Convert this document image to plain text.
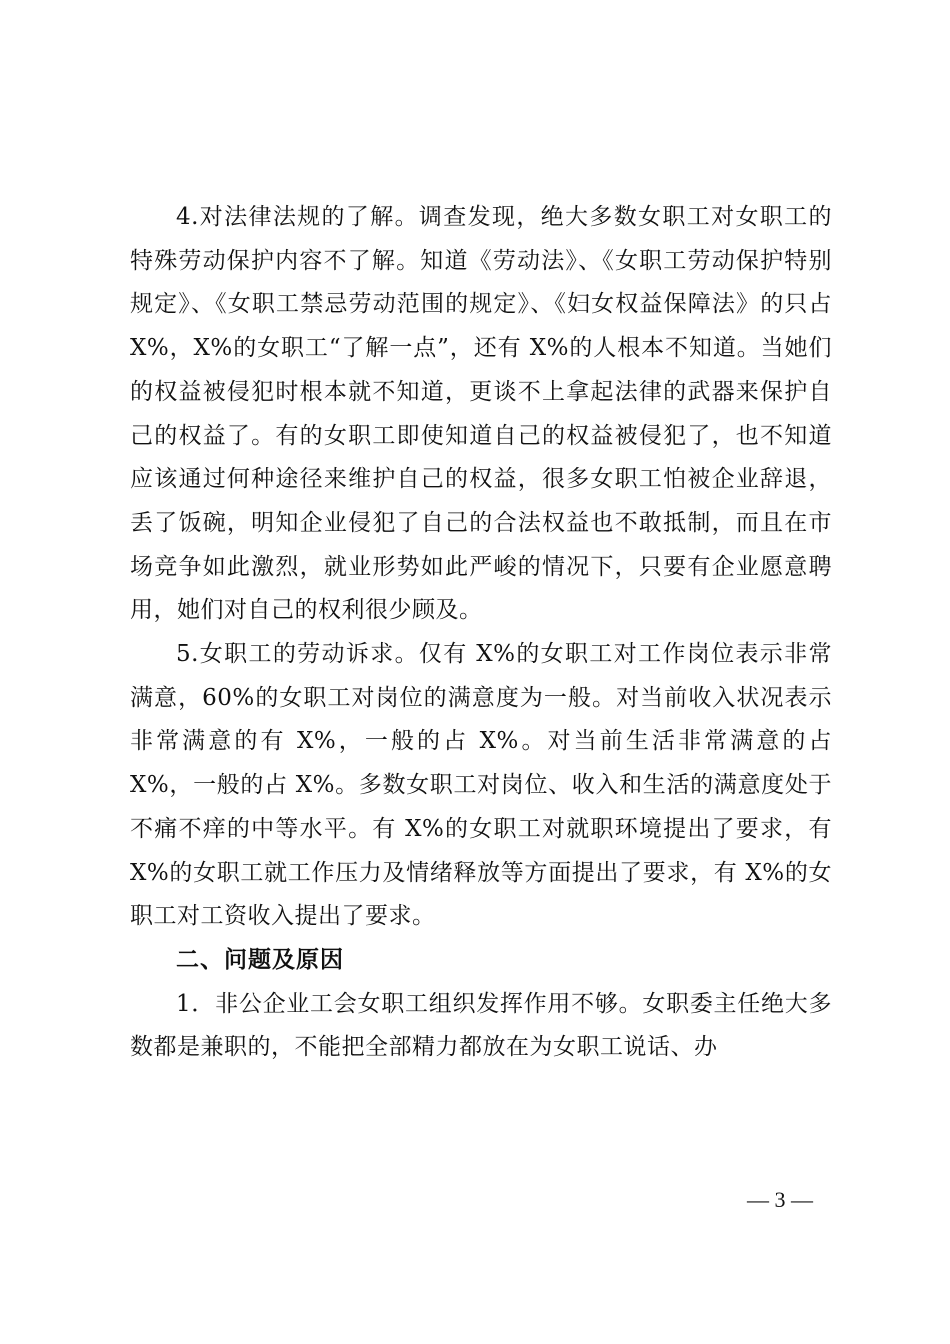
4.对法律法规的了解。调查发现，绝大多数女职工对女职工的特殊劳动保护内容不了解。知道《劳动法》、《女职工劳动保护特别规定》、《女职工禁忌劳动范围的规定》、《妇女权益保障法》的只占 X%，X%的女职工“了解一点”，还有 X%的人根本不知道。当她们的权益被侵犯时根本就不知道，更谈不上拿起法律的武器来保护自己的权益了。有的女职工即使知道自己的权益被侵犯了，也不知道应该通过何种途径来维护自己的权益，很多女职工怕被企业辞退，丢了饭碗，明知企业侵犯了自己的合法权益也不敢抵制，而且在市场竞争如此激烈，就业形势如此严峻的情况下，只要有企业愿意聘用，她们对自己的权利很少顾及。

5.女职工的劳动诉求。仅有 X%的女职工对工作岗位表示非常满意，60%的女职工对岗位的满意度为一般。对当前收入状况表示非常满意的有 X%，一般的占 X%。对当前生活非常满意的占 X%，一般的占 X%。多数女职工对岗位、收入和生活的满意度处于不痛不痒的中等水平。有 X%的女职工对就职环境提出了要求，有 X%的女职工就工作压力及情绪释放等方面提出了要求，有 X%的女职工对工资收入提出了要求。

二、问题及原因

1．非公企业工会女职工组织发挥作用不够。女职委主任绝大多数都是兼职的，不能把全部精力都放在为女职工说话、办

— 3 —
